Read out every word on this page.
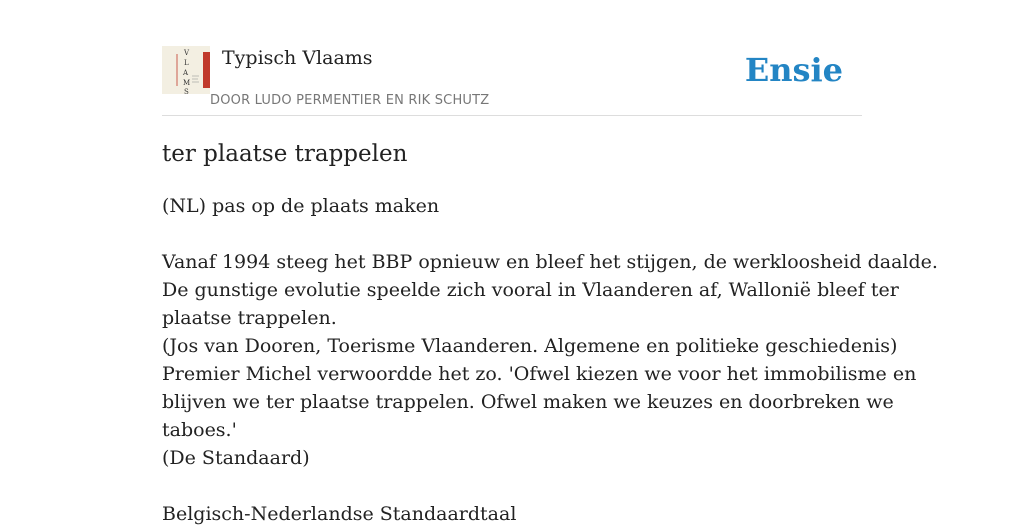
V
L
A
M
S
Typisch Vlaams
DOOR LUDO PERMENTIER EN RIK SCHUTZ
Ensie
ter plaatse trappelen
(NL) pas op de plaats maken
Vanaf 1994 steeg het BBP opnieuw en bleef het stijgen, de werkloosheid daalde.
De gunstige evolutie speelde zich vooral in Vlaanderen af, Wallonië bleef ter
plaatse trappelen.
(Jos van Dooren, Toerisme Vlaanderen. Algemene en politieke geschiedenis)
Premier Michel verwoordde het zo. 'Ofwel kiezen we voor het immobilisme en
blijven we ter plaatse trappelen. Ofwel maken we keuzes en doorbreken we
taboes.'
(De Standaard)
Belgisch-Nederlandse Standaardtaal
